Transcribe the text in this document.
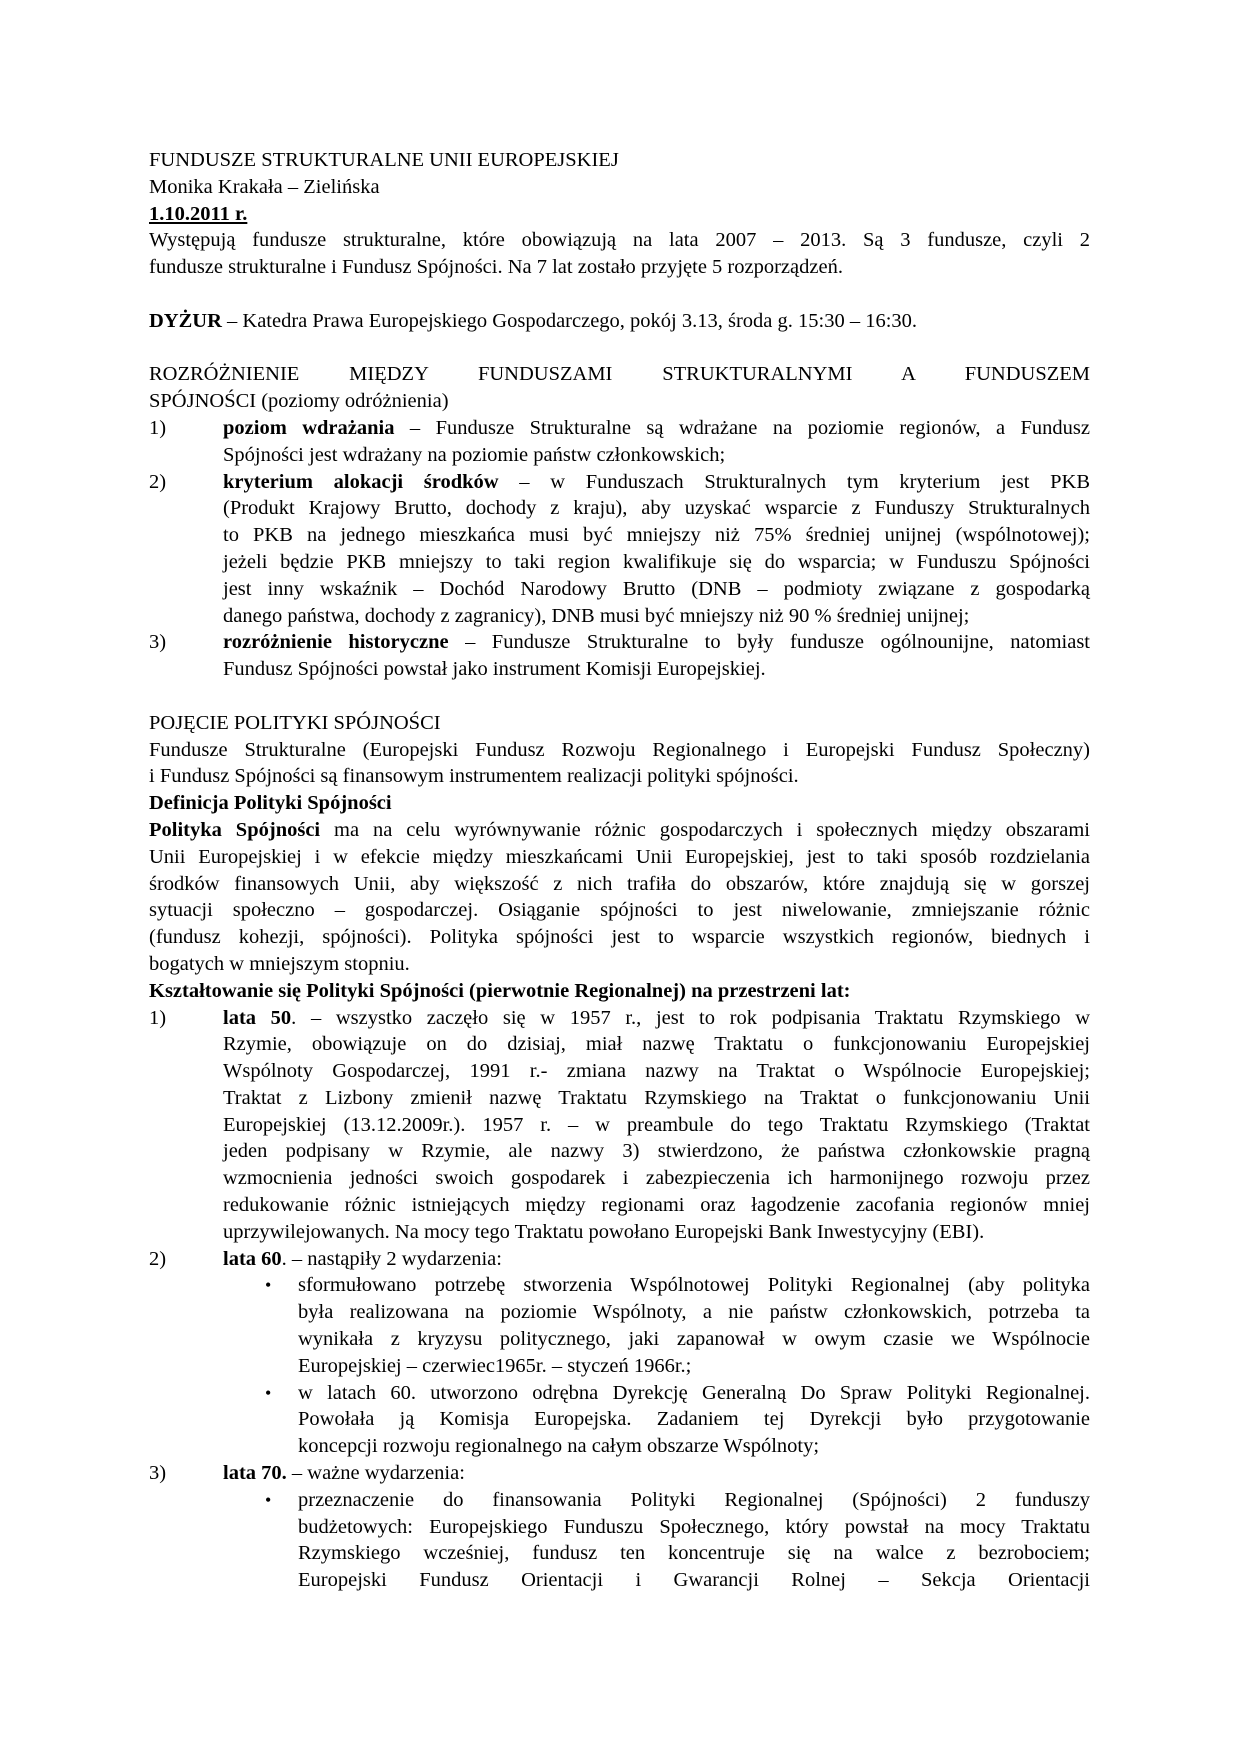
FUNDUSZE STRUKTURALNE UNII EUROPEJSKIEJ
Monika Krakała – Zielińska
1.10.2011 r.
Występują fundusze strukturalne, które obowiązują na lata 2007 – 2013. Są 3 fundusze, czyli 2
fundusze strukturalne i Fundusz Spójności. Na 7 lat zostało przyjęte 5 rozporządzeń.
DYŻUR – Katedra Prawa Europejskiego Gospodarczego, pokój 3.13, środa g. 15:30 – 16:30.
ROZRÓŻNIENIE MIĘDZY FUNDUSZAMI STRUKTURALNYMI A FUNDUSZEM
SPÓJNOŚCI (poziomy odróżnienia)
1)	poziom wdrażania – Fundusze Strukturalne są wdrażane na poziomie regionów, a Fundusz
Spójności jest wdrażany na poziomie państw członkowskich;
2)	kryterium alokacji środków – w Funduszach Strukturalnych tym kryterium jest PKB
(Produkt Krajowy Brutto, dochody z kraju), aby uzyskać wsparcie z Funduszy Strukturalnych
to PKB na jednego mieszkańca musi być mniejszy niż 75% średniej unijnej (wspólnotowej);
jeżeli będzie PKB mniejszy to taki region kwalifikuje się do wsparcia; w Funduszu Spójności
jest inny wskaźnik – Dochód Narodowy Brutto (DNB – podmioty związane z gospodarką
danego państwa, dochody z zagranicy), DNB musi być mniejszy niż 90 % średniej unijnej;
3)	rozróżnienie historyczne – Fundusze Strukturalne to były fundusze ogólnounijne, natomiast
Fundusz Spójności powstał jako instrument Komisji Europejskiej.
POJĘCIE POLITYKI SPÓJNOŚCI
Fundusze Strukturalne (Europejski Fundusz Rozwoju Regionalnego i Europejski Fundusz Społeczny)
i Fundusz Spójności są finansowym instrumentem realizacji polityki spójności.
Definicja Polityki Spójności
Polityka Spójności ma na celu wyrównywanie różnic gospodarczych i społecznych między obszarami
Unii Europejskiej i w efekcie między mieszkańcami Unii Europejskiej, jest to taki sposób rozdzielania
środków finansowych Unii, aby większość z nich trafiła do obszarów, które znajdują się w gorszej
sytuacji społeczno – gospodarczej. Osiąganie spójności to jest niwelowanie, zmniejszanie różnic
(fundusz kohezji, spójności). Polityka spójności jest to wsparcie wszystkich regionów, biednych i
bogatych w mniejszym stopniu.
Kształtowanie się Polityki Spójności (pierwotnie Regionalnej) na przestrzeni lat:
1)	lata 50. – wszystko zaczęło się w 1957 r., jest to rok podpisania Traktatu Rzymskiego w
Rzymie, obowiązuje on do dzisiaj, miał nazwę Traktatu o funkcjonowaniu Europejskiej
Wspólnoty Gospodarczej, 1991 r.- zmiana nazwy na Traktat o Wspólnocie Europejskiej;
Traktat z Lizbony zmienił nazwę Traktatu Rzymskiego na Traktat o funkcjonowaniu Unii
Europejskiej (13.12.2009r.). 1957 r. – w preambule do tego Traktatu Rzymskiego (Traktat
jeden podpisany w Rzymie, ale nazwy 3) stwierdzono, że państwa członkowskie pragną
wzmocnienia jedności swoich gospodarek i zabezpieczenia ich harmonijnego rozwoju przez
redukowanie różnic istniejących między regionami oraz łagodzenie zacofania regionów mniej
uprzywilejowanych. Na mocy tego Traktatu powołano Europejski Bank Inwestycyjny (EBI).
2)	lata 60. – nastąpiły 2 wydarzenia:
• sformułowano potrzebę stworzenia Wspólnotowej Polityki Regionalnej (aby polityka
była realizowana na poziomie Wspólnoty, a nie państw członkowskich, potrzeba ta
wynikała z kryzysu politycznego, jaki zapanował w owym czasie we Wspólnocie
Europejskiej – czerwiec1965r. – styczeń 1966r.;
• w latach 60. utworzono odrębna Dyrekcję Generalną Do Spraw Polityki Regionalnej.
Powołała ją Komisja Europejska. Zadaniem tej Dyrekcji było przygotowanie
koncepcji rozwoju regionalnego na całym obszarze Wspólnoty;
3)	lata 70. – ważne wydarzenia:
• przeznaczenie do finansowania Polityki Regionalnej (Spójności) 2 funduszy
budżetowych: Europejskiego Funduszu Społecznego, który powstał na mocy Traktatu
Rzymskiego wcześniej, fundusz ten koncentruje się na walce z bezrobociem;
Europejski Fundusz Orientacji i Gwarancji Rolnej – Sekcja Orientacji
